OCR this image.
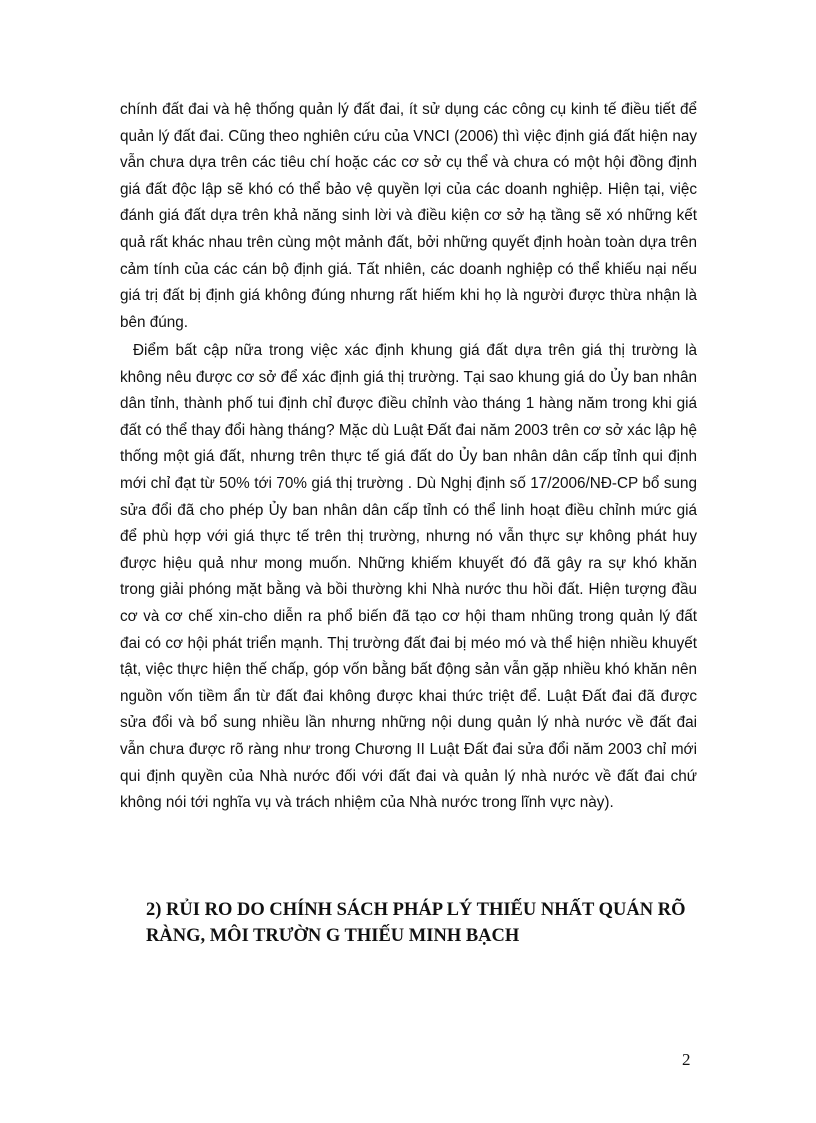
chính đất đai và hệ thống quản lý đất đai, ít sử dụng các công cụ kinh tế điều tiết để quản lý đất đai. Cũng theo nghiên cứu của VNCI (2006) thì việc định giá đất hiện nay vẫn chưa dựa trên các tiêu chí hoặc các cơ sở cụ thể và chưa có một hội đồng định giá đất độc lập sẽ khó có thể bảo vệ quyền lợi của các doanh nghiệp. Hiện tại, việc đánh giá đất dựa trên khả năng sinh lời và điều kiện cơ sở hạ tầng sẽ xó những kết quả rất khác nhau trên cùng một mảnh đất, bởi những quyết định hoàn toàn dựa trên cảm tính của các cán bộ định giá. Tất nhiên, các doanh nghiệp có thể khiếu nại nếu giá trị đất bị định giá không đúng nhưng rất hiếm khi họ là người được thừa nhận là bên đúng.

Điểm bất cập nữa trong việc xác định khung giá đất dựa trên giá thị trường là không nêu được cơ sở để xác định giá thị trường. Tại sao khung giá do Ủy ban nhân dân tỉnh, thành phố tui định chỉ được điều chỉnh vào tháng 1 hàng năm trong khi giá đất có thể thay đổi hàng tháng? Mặc dù Luật Đất đai năm 2003 trên cơ sở xác lập hệ thống một giá đất, nhưng trên thực tế giá đất do Ủy ban nhân dân cấp tỉnh qui định mới chỉ đạt từ 50% tới 70% giá thị trường . Dù Nghị định số 17/2006/NĐ-CP bổ sung sửa đổi đã cho phép Ủy ban nhân dân cấp tỉnh có thể linh hoạt điều chỉnh mức giá để phù hợp với giá thực tế trên thị trường, nhưng nó vẫn thực sự không phát huy được hiệu quả như mong muốn. Những khiếm khuyết đó đã gây ra sự khó khăn trong giải phóng mặt bằng và bồi thường khi Nhà nước thu hồi đất. Hiện tượng đầu cơ và cơ chế xin-cho diễn ra phổ biến đã tạo cơ hội tham nhũng trong quản lý đất đai có cơ hội phát triển mạnh. Thị trường đất đai bị méo mó và thể hiện nhiều khuyết tật, việc thực hiện thế chấp, góp vốn bằng bất động sản vẫn gặp nhiều khó khăn nên nguồn vốn tiềm ẩn từ đất đai không được khai thức triệt để. Luật Đất đai đã được sửa đổi và bổ sung nhiều lần nhưng những nội dung quản lý nhà nước về đất đai vẫn chưa được rõ ràng như trong Chương II Luật Đất đai sửa đổi năm 2003 chỉ mới qui định quyền của Nhà nước đối với đất đai và quản lý nhà nước về đất đai chứ không nói tới nghĩa vụ và trách nhiệm của Nhà nước trong lĩnh vực này).

2) RỦI RO DO CHÍNH SÁCH PHÁP LÝ THIẾU NHẤT QUÁN RÕ RÀNG, MÔI TRƯỜN G THIẾU MINH BẠCH
2
